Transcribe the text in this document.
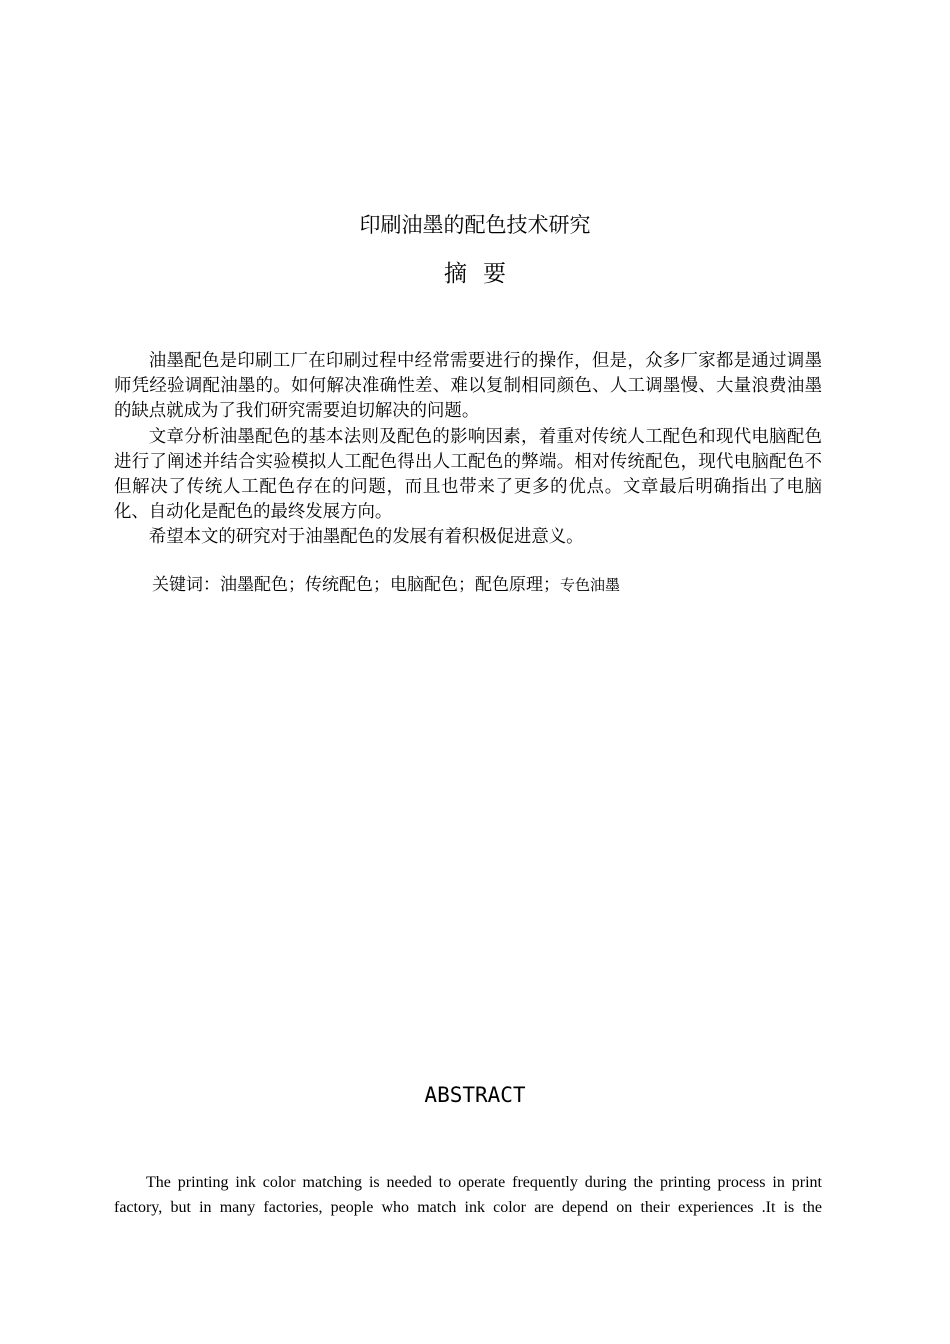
印刷油墨的配色技术研究
摘要

油墨配色是印刷工厂在印刷过程中经常需要进行的操作，但是，众多厂家都是通过调墨师凭经验调配油墨的。如何解决准确性差、难以复制相同颜色、人工调墨慢、大量浪费油墨的缺点就成为了我们研究需要迫切解决的问题。

文章分析油墨配色的基本法则及配色的影响因素，着重对传统人工配色和现代电脑配色进行了阐述并结合实验模拟人工配色得出人工配色的弊端。相对传统配色，现代电脑配色不但解决了传统人工配色存在的问题，而且也带来了更多的优点。文章最后明确指出了电脑化、自动化是配色的最终发展方向。

希望本文的研究对于油墨配色的发展有着积极促进意义。

关键词：油墨配色；传统配色；电脑配色；配色原理；专色油墨
ABSTRACT

The printing ink color matching is needed to operate frequently during the printing process in print factory, but in many factories, people who match ink color are depend on their experiences .It is the
